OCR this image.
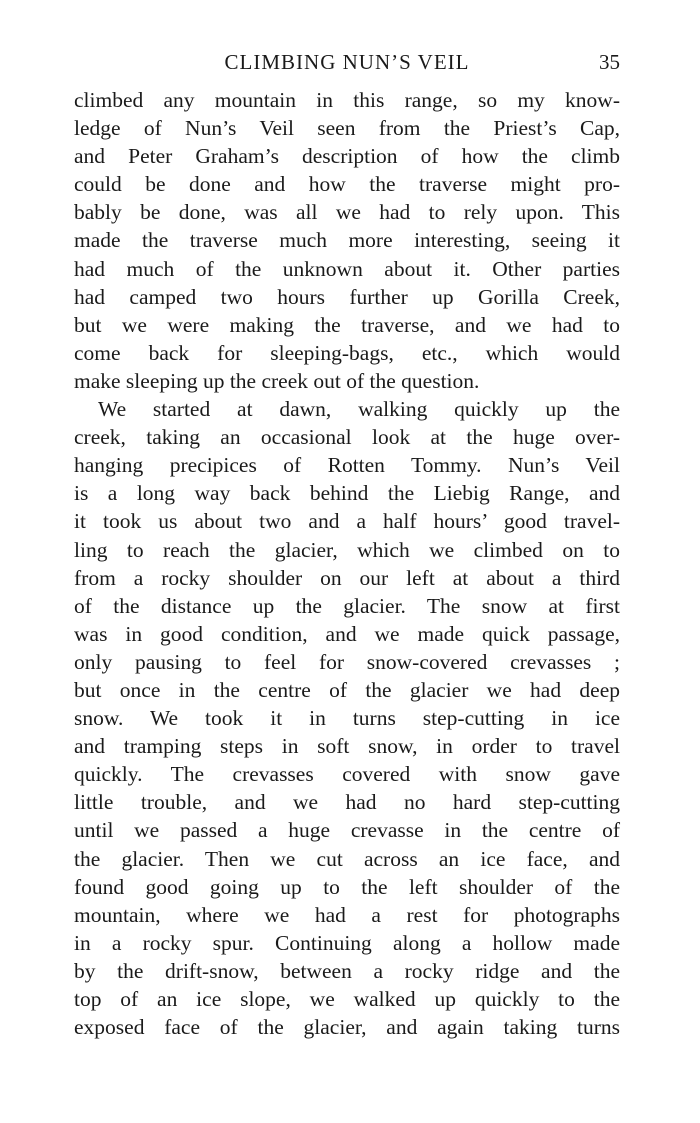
CLIMBING NUN’S VEIL	35
climbed any mountain in this range, so my know-
ledge of Nun’s Veil seen from the Priest’s Cap,
and Peter Graham’s description of how the climb
could be done and how the traverse might pro-
bably be done, was all we had to rely upon. This
made the traverse much more interesting, seeing it
had much of the unknown about it. Other parties
had camped two hours further up Gorilla Creek,
but we were making the traverse, and we had to
come back for sleeping-bags, etc., which would
make sleeping up the creek out of the question.
We started at dawn, walking quickly up the
creek, taking an occasional look at the huge over-
hanging precipices of Rotten Tommy. Nun’s Veil
is a long way back behind the Liebig Range, and
it took us about two and a half hours’ good travel-
ling to reach the glacier, which we climbed on to
from a rocky shoulder on our left at about a third
of the distance up the glacier. The snow at first
was in good condition, and we made quick passage,
only pausing to feel for snow-covered crevasses ;
but once in the centre of the glacier we had deep
snow. We took it in turns step-cutting in ice
and tramping steps in soft snow, in order to travel
quickly. The crevasses covered with snow gave
little trouble, and we had no hard step-cutting
until we passed a huge crevasse in the centre of
the glacier. Then we cut across an ice face, and
found good going up to the left shoulder of the
mountain, where we had a rest for photographs
in a rocky spur. Continuing along a hollow made
by the drift-snow, between a rocky ridge and the
top of an ice slope, we walked up quickly to the
exposed face of the glacier, and again taking turns
